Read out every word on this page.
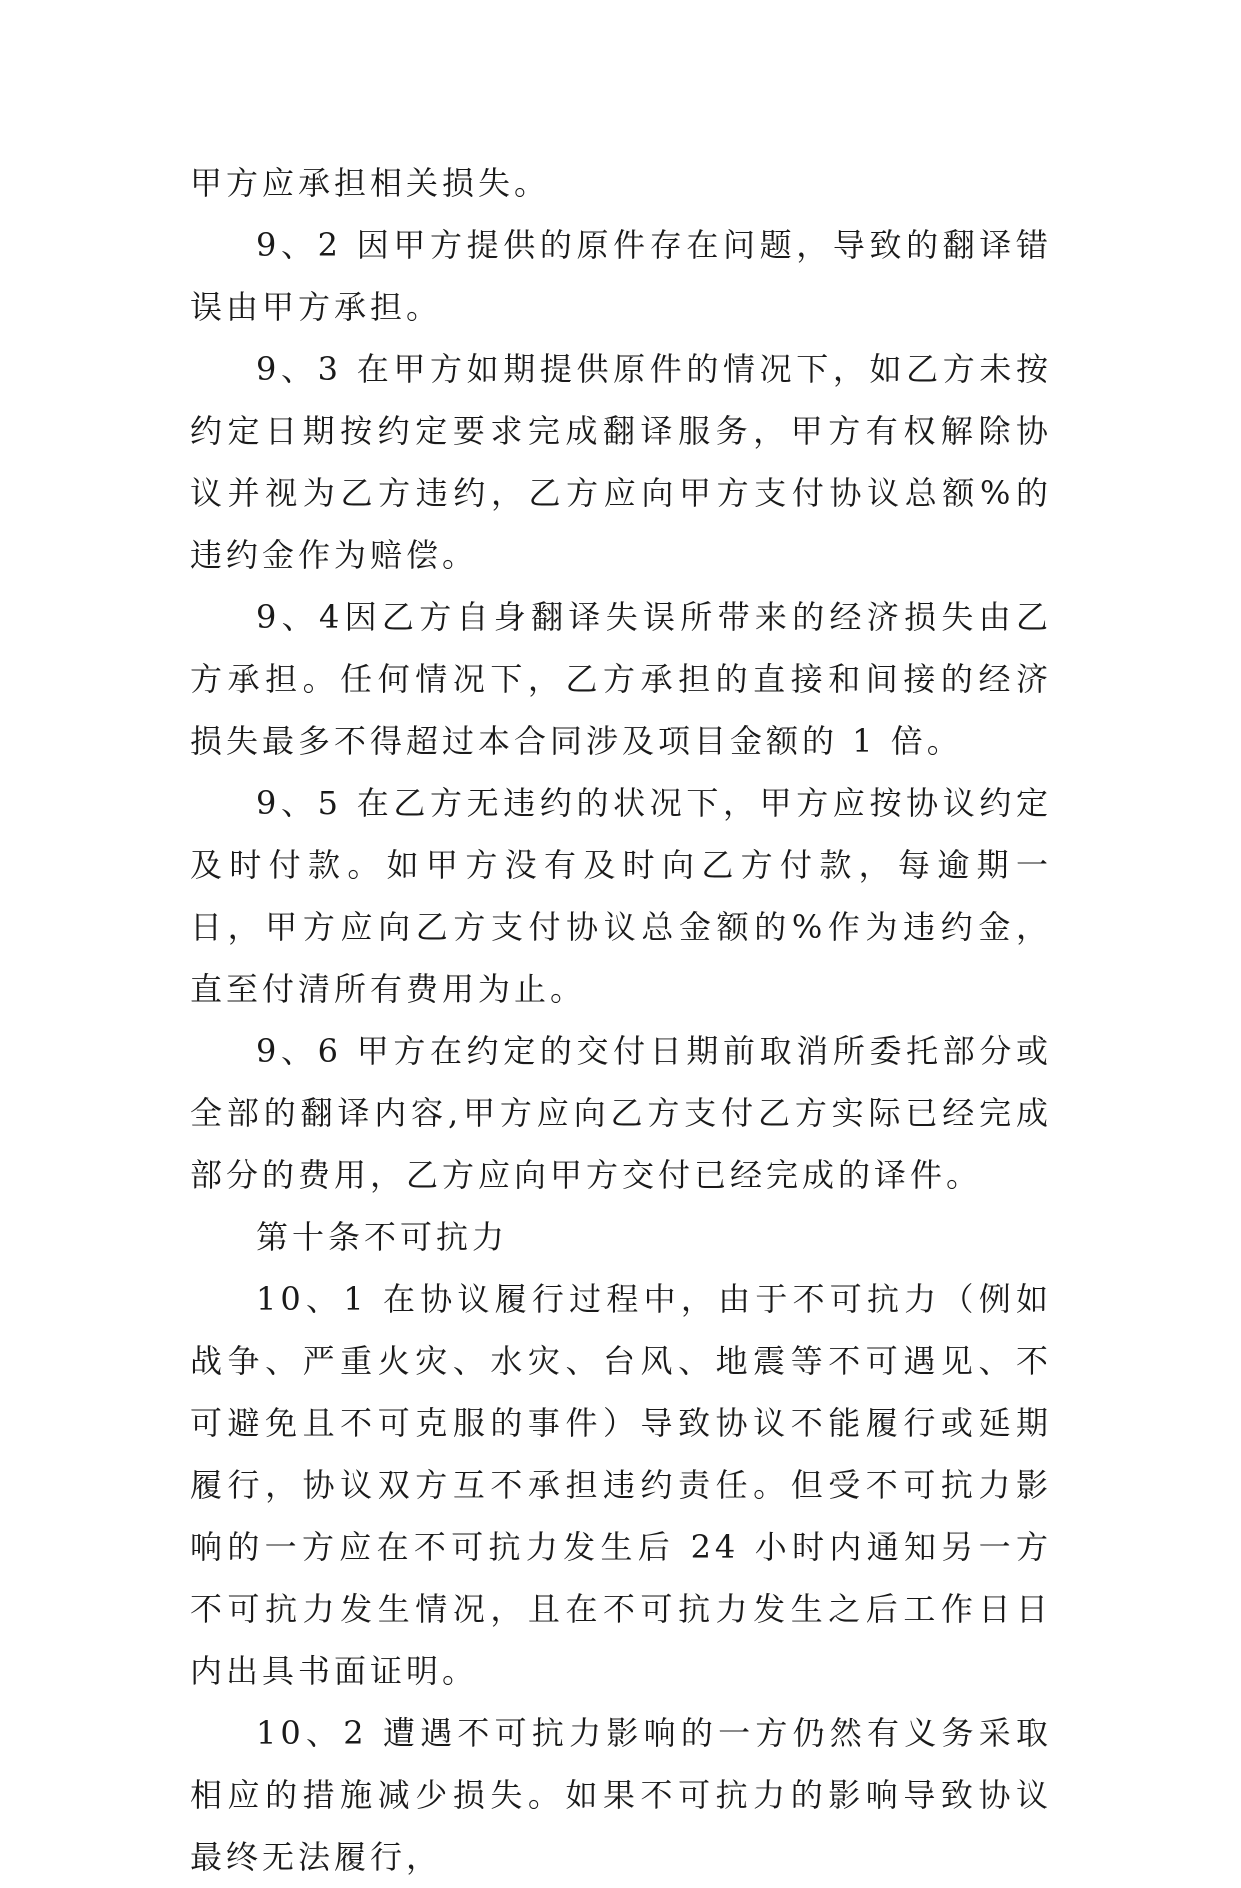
甲方应承担相关损失。

9、2 因甲方提供的原件存在问题，导致的翻译错误由甲方承担。

9、3 在甲方如期提供原件的情况下，如乙方未按约定日期按约定要求完成翻译服务，甲方有权解除协议并视为乙方违约，乙方应向甲方支付协议总额%的违约金作为赔偿。

9、4因乙方自身翻译失误所带来的经济损失由乙方承担。任何情况下，乙方承担的直接和间接的经济损失最多不得超过本合同涉及项目金额的 1 倍。

9、5 在乙方无违约的状况下，甲方应按协议约定及时付款。如甲方没有及时向乙方付款，每逾期一日，甲方应向乙方支付协议总金额的%作为违约金，直至付清所有费用为止。

9、6 甲方在约定的交付日期前取消所委托部分或全部的翻译内容,甲方应向乙方支付乙方实际已经完成部分的费用，乙方应向甲方交付已经完成的译件。

第十条不可抗力

10、1 在协议履行过程中，由于不可抗力（例如战争、严重火灾、水灾、台风、地震等不可遇见、不可避免且不可克服的事件）导致协议不能履行或延期履行，协议双方互不承担违约责任。但受不可抗力影响的一方应在不可抗力发生后 24 小时内通知另一方不可抗力发生情况，且在不可抗力发生之后工作日日内出具书面证明。

10、2 遭遇不可抗力影响的一方仍然有义务采取相应的措施减少损失。如果不可抗力的影响导致协议最终无法履行，
